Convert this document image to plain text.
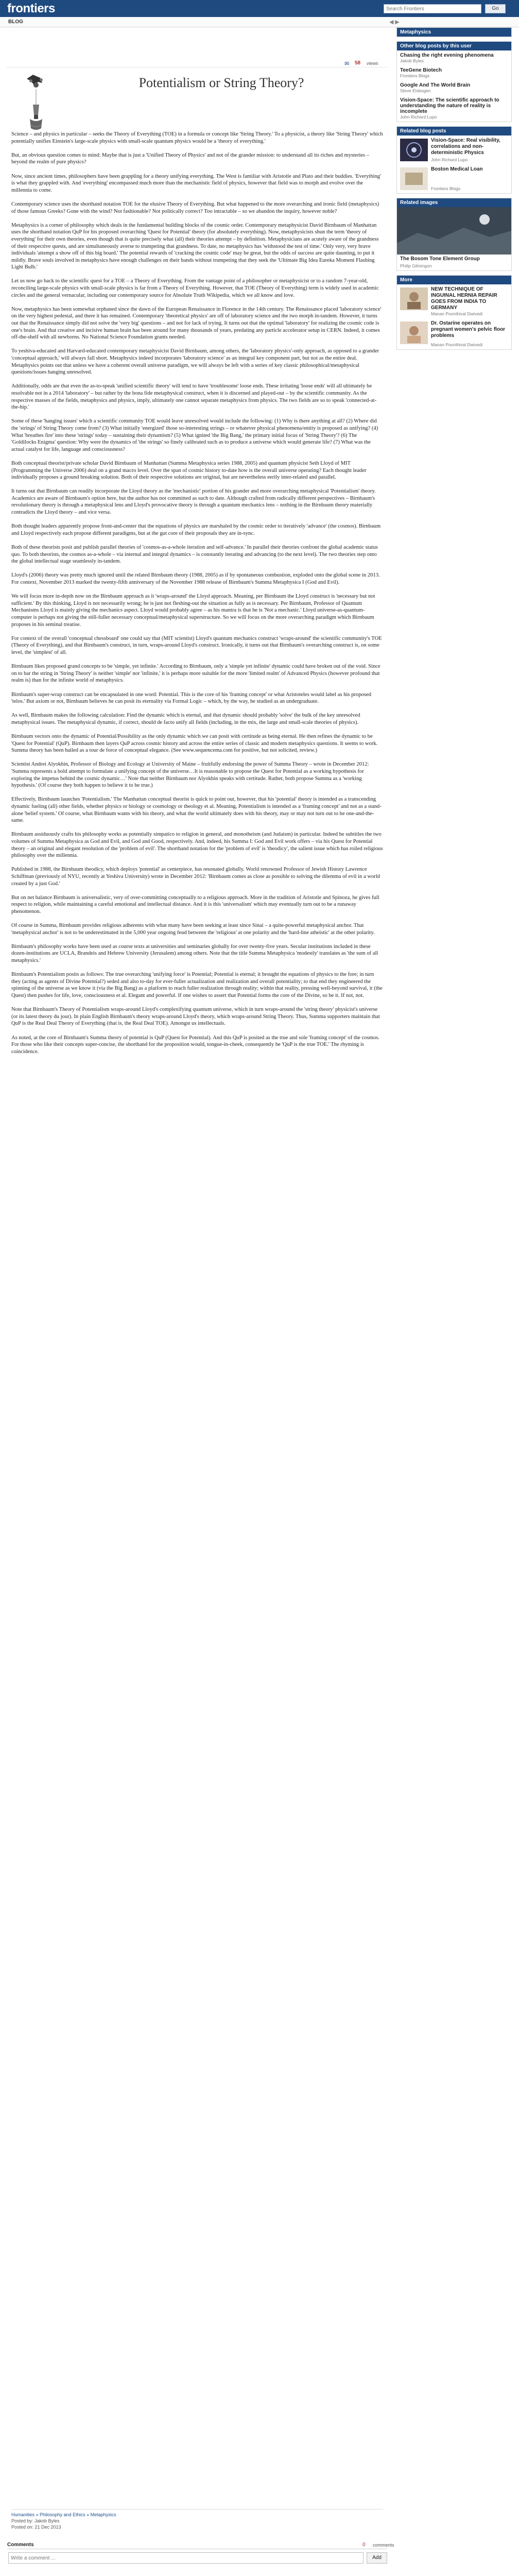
frontiers
Search Frontiers	Go
BLOG	◀ ▶
✉ 58 views
Potentialism or String Theory?

Science – and physics in particular – seeks the Theory of Everything (TOE) in a formula or concept like 'String Theory.' To a physicist, a theory like 'String Theory' which potentially unifies Einstein's large-scale physics with small-scale quantum physics would be a 'theory of everything.'

But, an obvious question comes to mind: Maybe that is just a 'Unified Theory of Physics' and not of the grander mission: to understand all its riches and mysteries – beyond the realm of pure physics?

Now, since ancient times, philosophers have been grappling for a theory unifying everything. The West is familiar with Aristotle and Plato and their buddies. 'Everything' is what they grappled with. And 'everything' encompassed much more than the mechanistic field of physics, however that field was to morph and evolve over the millennia to come.

Contemporary science uses the shorthand notation TOE for the elusive Theory of Everything. But what happened to the more overarching and ironic field (metaphysics) of those famous Greeks? Gone with the wind? Not fashionable? Not politically correct? Too intractable – so we abandon the inquiry, however noble?

Metaphysics is a corner of philosophy which deals in the fundamental building blocks of the cosmic order. Contemporary metaphysicist David Birnbaum of Manhattan uses the shorthand notation QuP for his proposed overarching 'Quest for Potential' theory (for absolutely everything). Now, metaphysicists shun the term 'theory of everything' for their own theories, even though that is quite precisely what (all) their theories attempt – by definition. Metaphysicians are acutely aware of the grandness of their respective quests, and are simultaneously averse to trumpeting that grandness. To date, no metaphysics has 'withstood the test of time.' Only very, very brave individuals 'attempt a show off of this big board.' The potential rewards of 'cracking the cosmic code' may be great, but the odds of success are quite daunting, to put it mildly. Brave souls involved in metaphysics have enough challenges on their hands without trumpeting that they seek the 'Ultimate Big Idea Eureka Moment Flashing Light Bulb.'

Let us now go back to the scientific quest for a TOE – a Theory of Everything. From the vantage point of a philosopher or metaphysicist or to a random 7-year-old, reconciling large-scale physics with small-scale physics is far from a Theory of Everything. However, that TOE (Theory of Everything) term is widely used in academic circles and the general vernacular, including our contemporary source for Absolute Truth Wikipedia, which we all know and love.

Now, metaphysics has been somewhat orphaned since the dawn of the European Renaissance in Florence in the 14th century. The Renaissance placed 'laboratory science' on the very highest pedestal, and there it has remained. Contemporary 'theoretical physics' are off of laboratory science and the two morph in-tandem. However, it turns out that the Renaissance simply did not solve the 'very big' questions – and not for lack of trying. It turns out that the optimal 'laboratory' for realizing the cosmic code is one's brain. And that creative and incisive human brain has been around for many thousands of years, predating any particle accelerator setup in CERN. Indeed, it comes off-the-shelf with all newborns. No National Science Foundation grants needed.

To yeshiva-educated and Harvard-educated contemporary metaphysicist David Birnbaum, among others, the 'laboratory physics'-only approach, as opposed to a grander 'conceptual approach,' will always fall short. Metaphysics indeed incorporates 'laboratory science' as an integral key component part, but not as the entire deal. Metaphysics points out that unless we have a coherent overall universe paradigm, we will always be left with a series of key classic philosophical/metaphysical questions/issues hanging unresolved.

Additionally, odds are that even the as-to-speak 'unified scientific theory' will tend to have 'troublesome' loose ends. These irritating 'loose ends' will all ultimately be resolvable not in a 2014 'laboratory' – but rather by the bona fide metaphysical construct, when it is discerned and played-out – by the scientific community. As the respective masses of the fields, metaphysics and physics, imply, ultimately one cannot separate metaphysics from physics. The two fields are so to speak 'connected-at-the-hip.'

Some of these 'hanging issues' which a scientific community TOE would leave unresolved would include the following: (1) Why is there anything at all? (2) Where did the 'strings' of String Theory come from? (3) What initially 'energized' those so-interesting strings – or whatever physical phenomena/entity is proposed as unifying? (4) What 'breathes fire' into these 'strings' today – sustaining their dynamism? (5) What ignited 'the Big Bang,' the primary initial focus of 'String Theory'? (6) The 'Goldilocks Enigma' question: Why were the dynamics of 'the strings' so finely calibrated such as to produce a universe which would generate life? (7) What was the actual catalyst for life, language and consciousness?

Both conceptual theorist/private scholar David Birnbaum of Manhattan (Summa Metaphysica series 1988, 2005) and quantum physicist Seth Lloyd of MIT (Programming the Universe 2006) deal on a grand macro level. Over the span of cosmic history to-date how is the overall universe operating? Each thought leader individually proposes a ground breaking solution. Both of their respective solutions are original, but are nevertheless eerily inter-related and parallel.

It turns out that Birnbaum can readily incorporate the Lloyd theory as the 'mechanistic' portion of his grander and more overarching metaphysical 'Potentialism' theory. Academics are aware of Birnbaum's option here, but the author has not committed as such to date. Although crafted from radically different perspectives – Birnbaum's revolutionary theory is through a metaphysical lens and Lloyd's provocative theory is through a quantum mechanics lens – nothing in the Birnbaum theory materially contradicts the Lloyd theory – and vice versa.

Both thought leaders apparently propose front-and-center that the equations of physics are marshaled by the cosmic order to iteratively 'advance' (the cosmos). Birnbaum and Lloyd respectively each propose different paradigms, but at the gut core of their proposals they are in-sync.

Both of these theorists posit and publish parallel theories of 'cosmos-as-a-whole iteration and self-advance.' In parallel their theories confront the global academic status quo. To both theorists, the cosmos as-a-whole – via internal and integral dynamics – is constantly iterating and advancing (to the next level). The two theories step onto the global intellectual stage seamlessly in-tandem.

Lloyd's (2006) theory was pretty much ignored until the related Birnbaum theory (1988, 2005) as if by spontaneous combustion, exploded onto the global scene in 2013. For context, November 2013 marked the twenty-fifth anniversary of the November 1988 release of Birnbaum's Summa Metaphysica I (God and Evil).

We will focus more in-depth now on the Birnbaum approach as it 'wraps-around' the Lloyd approach. Meaning, per Birnbaum the Lloyd construct is 'necessary but not sufficient.' By this thinking, Lloyd is not necessarily wrong; he is just not fleshing-out the situation as fully as is necessary. Per Birnbaum, Professor of Quantum Mechanisms Lloyd is mainly giving the mechanics aspect. Lloyd would probably agree – as his mantra is that he is 'Not a mechanic.' Lloyd universe-as-quantum- computer is perhaps not giving the still-fuller necessary conceptual/metaphysical superstructure. So we will focus on the more overarching paradigm which Birnbaum proposes in his seminal treatise.

For context of the overall 'conceptual chessboard' one could say that (MIT scientist) Lloyd's quantum mechanics construct 'wraps-around' the scientific community's TOE (Theory of Everything), and that Birnbaum's construct, in turn, wraps-around Lloyd's construct. Ironically, it turns out that Birnbaum's overarching construct is, on some level, the 'simplest' of all.

Birnbaum likes proposed grand concepts to be 'simple, yet infinite.' According to Birnbaum, only a 'simple yet infinite' dynamic could have broken out of the void. Since on to bar the string in 'String Theory' is neither 'simple' nor 'infinite,' it is perhaps more suitable for the more 'limited realm' of Advanced Physics (however profound that realm is) than for the infinite world of metaphysics.

Birnbaum's super-wrap construct can be encapsulated in one word: Potential. This is the core of his 'framing concept' or what Aristoteles would label as his proposed 'telos.' But axiom or not, Birnbaum believes he can posit its eternality via Formal Logic – which, by the way, he studied as an undergraduate.

As well, Birnbaum makes the following calculation: Find the dynamic which is eternal, and that dynamic should probably 'solve' the bulk of the key unresolved metaphysical issues. The metaphysical dynamic, if correct, should de facto unify all fields (including, in the mix, the large and small-scale theories of physics).

Birnbaum vectors onto the dynamic of Potential/Possibility as the only dynamic which we can posit with certitude as being eternal. He then refines the dynamic to be 'Quest for Potential' (QuP). Birnbaum then layers QuP across cosmic history and across the entire series of classic and modern metaphysics questions. It seems to work. Summa theory has been hailed as a tour de force of conceptual elegance. (See www.sequencema.com for positive, but not solicited, review.)

Scientist Andrei Alyokhin, Professor of Biology and Ecology at University of Maine – fruitfully endorsing the power of Summa Theory – wrote in December 2012: 'Summa represents a bold attempt to formulate a unifying concept of the universe…It is reasonable to propose the Quest for Potential as a working hypothesis for exploring the impetus behind the cosmic dynamic…' Note that neither Birnbaum nor Alyokhin speaks with certitude. Rather, both propose Summa as a 'working hypothesis.' (Of course they both happen to believe it to be true.)

Effectively, Birnbaum launches 'Potentialism.' The Manhattan conceptual theorist is quick to point out, however, that his 'potential' theory is intended as a transcending dynamic fueling (all) other fields, whether physics or biology or cosmology or theology et al. Meaning, Potentialism is intended as a 'framing concept' and not as a stand-alone 'belief system.' Of course, what Birnbaum wants with his theory, and what the world ultimately does with his theory, may or may not turn out to be one-and-the-same.

Birnbaum assiduously crafts his philosophy works as potentially simpatico to religion in general, and monotheism (and Judaism) in particular. Indeed he subtitles the two volumes of Summa Metaphysica as God and Evil, and God and Good, respectively. And, indeed, his Summa I: God and Evil work offers – via his Quest for Potential theory – an original and elegant resolution of the 'problem of evil'. The shorthand notation for the 'problem of evil' is 'theodicy', the salient issue which has roiled religious philosophy over the millennia.

Published in 1988, the Birnbaum theodicy, which deploys 'potential' as centerpiece, has resonated globally. World renowned Professor of Jewish History Lawrence Schiffman (previously of NYU, recently at Yeshiva University) wrote in December 2012: 'Birnbaum comes as close as possible to solving the dilemma of evil in a world created by a just God.'

But on net balance Birnbaum is universalistic, very of over-committing conceptually to a religious approach. More in the tradition of Aristotle and Spinoza, he gives full respect to religion, while maintaining a careful emotional and intellectual distance. And it is this 'universalism' which may eventually turn out to be a runaway phenomenon.

Of course in Summa, Birnbaum provides religious adherents with what many have been seeking at least since Sinai – a quite-powerful metaphysical anchor. That 'metaphysical anchor' is not to be underestimated in the 5,000 year ongoing feud between the 'religious' at one polarity and the 'hard-line atheistic' at the other polarity.

Birnbaum's philosophy works have been used as course texts at universities and seminaries globally for over twenty-five years. Secular institutions included in these dozen-institutions are UCLA, Brandeis and Hebrew University (Jerusalem) among others. Note that the title Summa Metaphysica 'modestly' translates as 'the sum of all metaphysics.'

Birnbaum's Potentialism posits as follows: The true overarching 'unifying force' is Potential; Potential is eternal; it brought the equations of physics to the fore; in turn they (acting as agents of Divine Potential?) seded and also to-day for ever-fuller actualization and realization and overall potentiality; to that end they engineered the spinning of the universe as we know it (via the Big Bang) as a platform to reach fuller realization through reality; within that reality, pressing well-beyond survival, it (the Quest) then pushes for life, love, consciousness et al. Elegant and powerful. If one wishes to assert that Potential forms the core of the Divine, so be it. If not, not.

Note that Birnbaum's Theory of Potentialism wraps-around Lloyd's complexifying quantum universe, which in turn wraps-around the 'string theory' physicist's universe (or its latest theory du jour). In plain English Birnbaum's theory wraps-around Lloyd's theory, which wraps-around String Theory. Thus, Summa supporters maintain that QuP is the Real Deal Theory of Everything (that is, the Real Deal TOE). Amongst us intellectuals.

As noted, at the core of Birnbaum's Summa theory of potential is QuP (Quest for Potential). And this QuP is posited as the true and sole 'framing concept' of the cosmos. For those who like their concepts super-concise, the shorthand for the proposition would, tongue-in-cheek, consequently be 'QuP is the true TOE.' The rhyming is coincidence.

Humanities » Philosophy and Ethics » Metaphysics
Posted by: Jakob Byles
Posted on: 21 Dec 2013
Comments	0 comments
Write a comment ...
Add
Metaphysics
Other blog posts by this user
Chasing the right evening phenomena
Jakob Byles
TeeGene Biotech
Frontiers Blogs
Google And The World Brain
Steve Eisbogen
Vision-Space: The scientific approach to understanding the nature of reality is incomplete
John Richard Lupo
Related blog posts
Vision-Space: Real visibility, correlations and non-deterministic Physics
John Richard Lupo
Boston Medical Loan
Frontiers Blogs
Related images
The Bosom Tone Element Group
Philip Gilmingon
More
NEW TECHNIQUE OF INGUINAL HERNIA REPAIR GOES FROM INDIA TO GERMANY
Manan Poonthival Dwivedi
Dr. Ostarine operates on pregnant women's pelvic floor problems
Manan Poonthival Dwivedi
